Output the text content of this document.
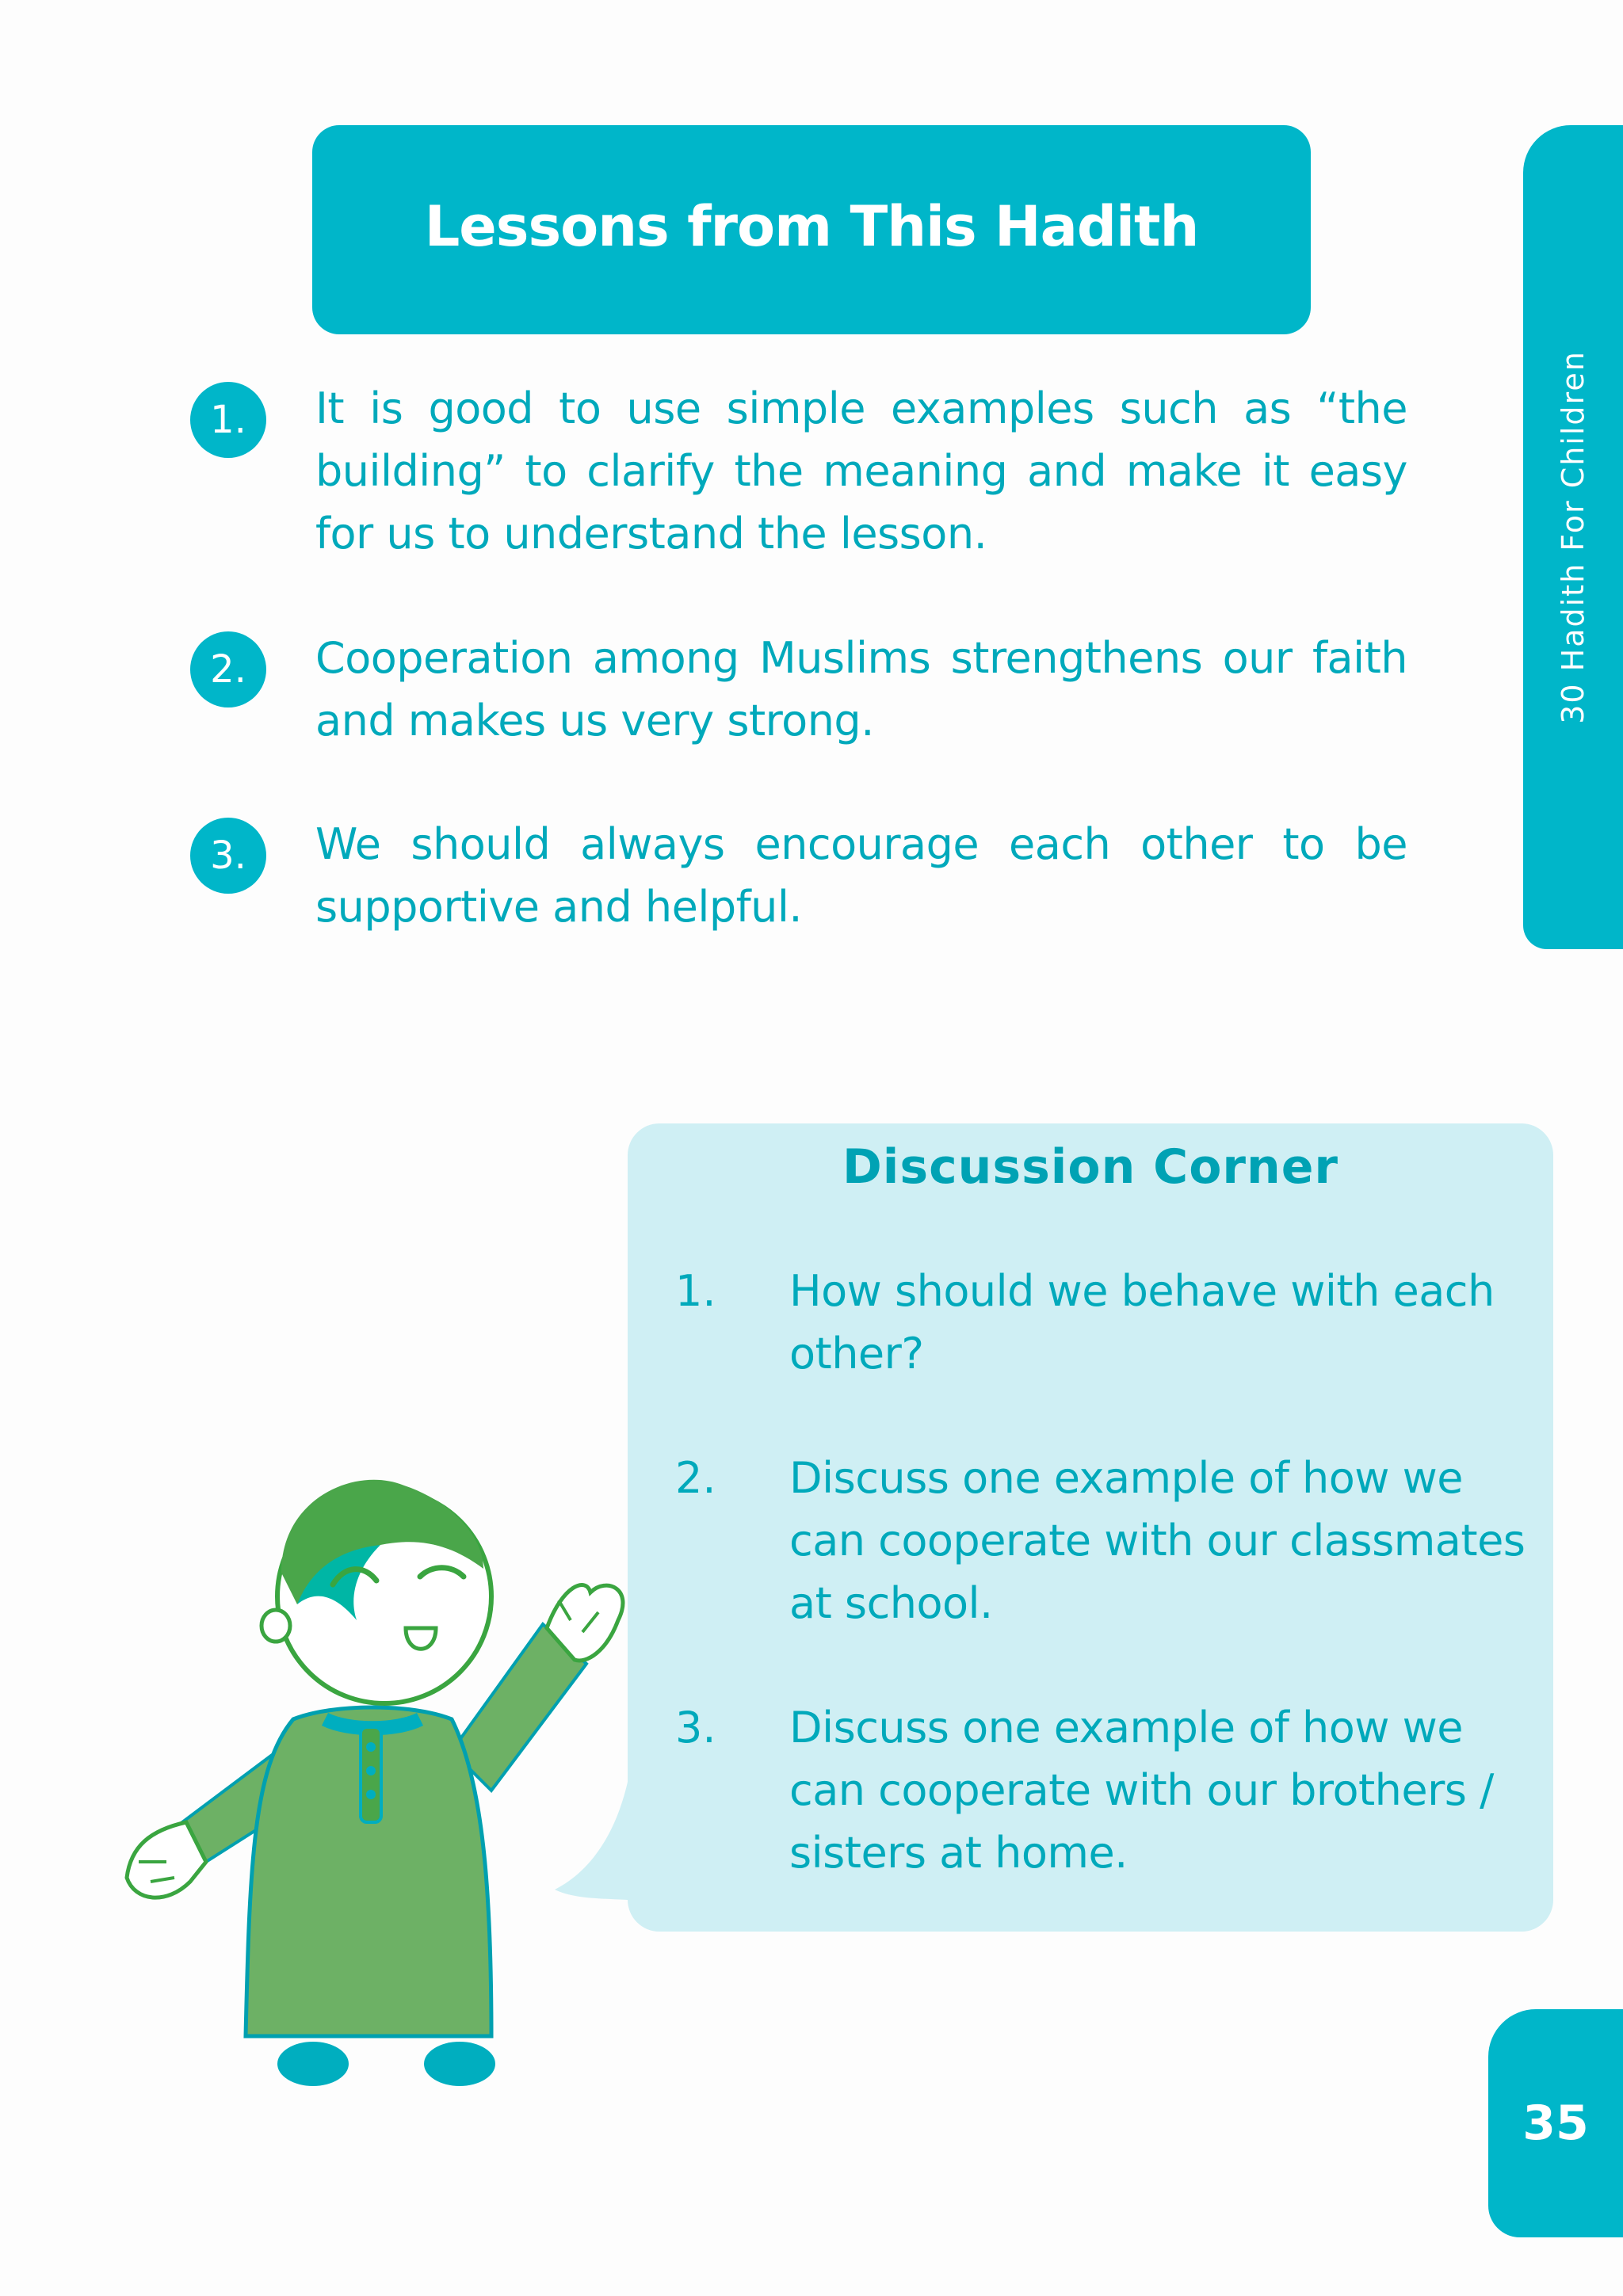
Lessons from This Hadith
30 Hadith For Children
1.	It is good to use simple examples such as “the building” to clarify the meaning and make it easy for us to understand the lesson.
2.	Cooperation among Muslims strengthens our faith and makes us very strong.
3.	We should always encourage each other to be supportive and helpful.
Discussion Corner
1.	How should we behave with each other?
2.	Discuss one example of how we can cooperate with our classmates at school.
3.	Discuss one example of how we can cooperate with our brothers / sisters at home.
35
